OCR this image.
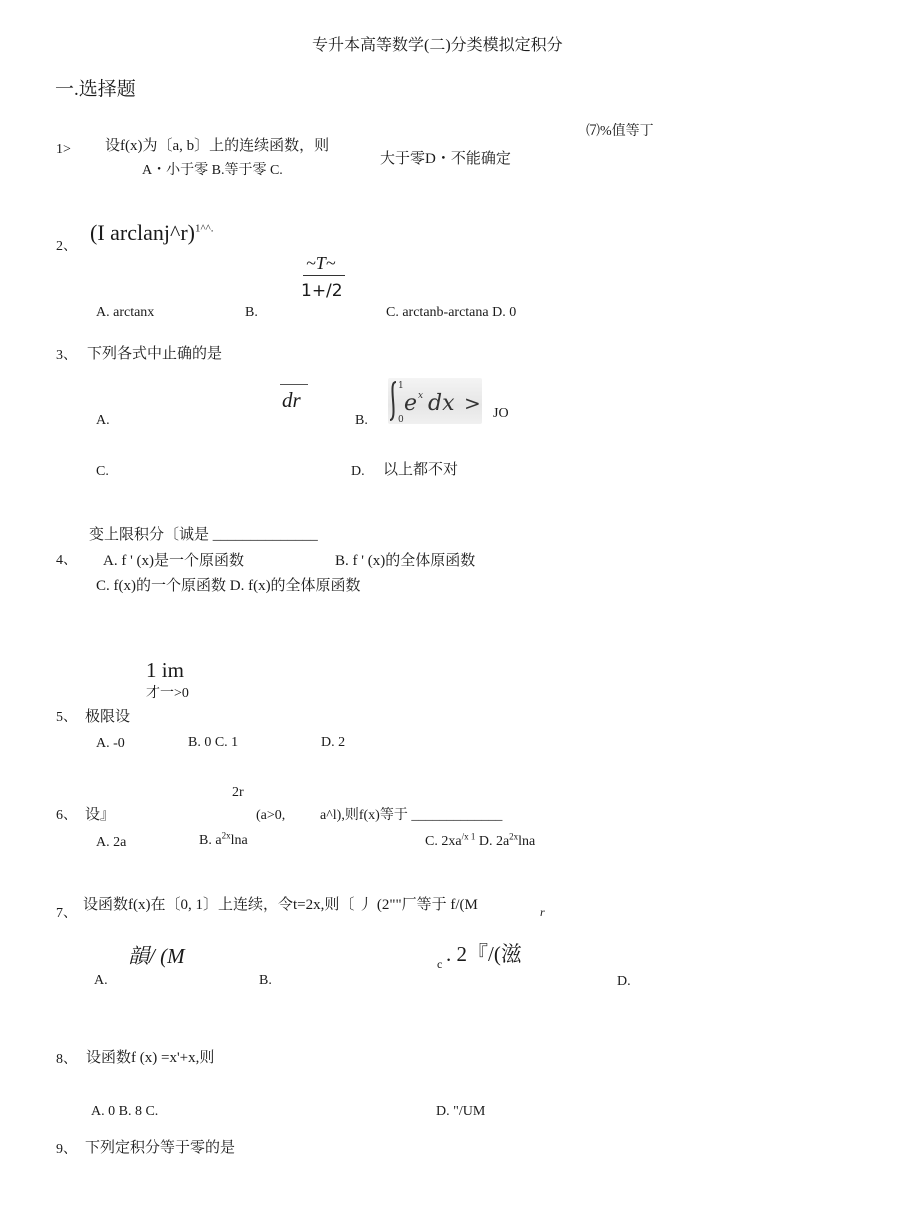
专升本高等数学(二)分类模拟定积分
一.选择题
1> 设f(x)为〔a, b〕上的连续函数，则
⑺%值等丁
A・小于零 B.等于零 C.
大于零D・不能确定
2、
(I arclanj^r)$^{1\^{}\^{}.}$
~T~
1+/2
A. arctanx	B.	C. arctanb-arctana D. 0
3、 下列各式中止确的是
dr
A.	B.
1
0
e x dx > JO
C.	D. 以上都不对
变上限积分〔诚是 ______________
4、 A. f ' (x)是一个原函数	B. f ' (x)的全体原函数
C. f(x)的一个原函数 D. f(x)的全体原函数
1 im
才一>0
5、 极限设
A. -0	B. 0 C. 1	D. 2
2r
6、 设』	(a>0, a^l),则f(x)等于 _____________
A. 2a	B. $a^{2x}\ln a$	C. $2xa^{/x 1}$ D. $2a^{2x}\ln a$
7、
设函数f(x)在〔0, 1〕上连续，令t=2x,则〔 丿 (2""厂等于 f/(M	r
韻/ (M
A.	B.
c . 2『/(滋
D.
8、 设函数f (x) =x'+x,则
A. 0 B. 8 C.	D. "/UM
9、 下列定积分等于零的是
